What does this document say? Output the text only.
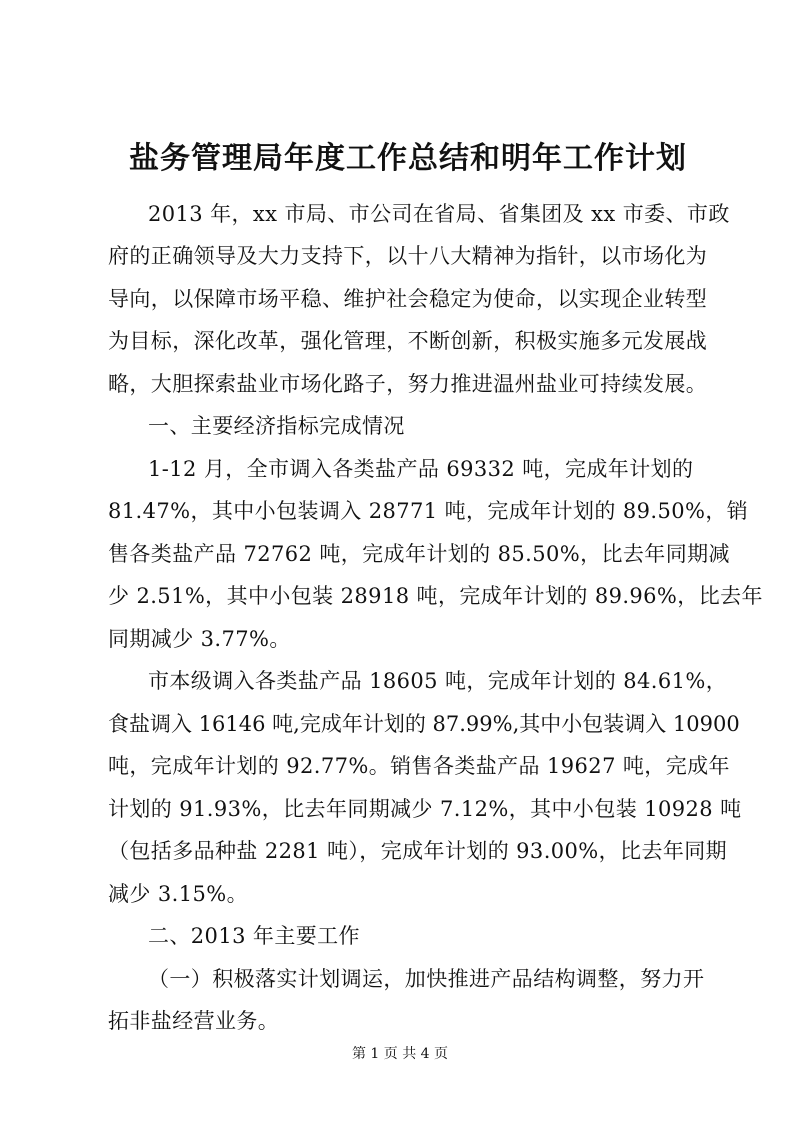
盐务管理局年度工作总结和明年工作计划
2013 年，xx 市局、市公司在省局、省集团及 xx 市委、市政
府的正确领导及大力支持下，以十八大精神为指针，以市场化为
导向，以保障市场平稳、维护社会稳定为使命，以实现企业转型
为目标，深化改革，强化管理，不断创新，积极实施多元发展战
略，大胆探索盐业市场化路子，努力推进温州盐业可持续发展。
一、主要经济指标完成情况
1-12 月，全市调入各类盐产品 69332 吨，完成年计划的
81.47%，其中小包装调入 28771 吨，完成年计划的 89.50%，销
售各类盐产品 72762 吨，完成年计划的 85.50%，比去年同期减
少 2.51%，其中小包装 28918 吨，完成年计划的 89.96%，比去年
同期减少 3.77%。
市本级调入各类盐产品 18605 吨，完成年计划的 84.61%，
食盐调入 16146 吨,完成年计划的 87.99%,其中小包装调入 10900
吨，完成年计划的 92.77%。销售各类盐产品 19627 吨，完成年
计划的 91.93%，比去年同期减少 7.12%，其中小包装 10928 吨
（包括多品种盐 2281 吨），完成年计划的 93.00%，比去年同期
减少 3.15%。
二、2013 年主要工作
（一）积极落实计划调运，加快推进产品结构调整，努力开
拓非盐经营业务。
第 1 页 共 4 页
